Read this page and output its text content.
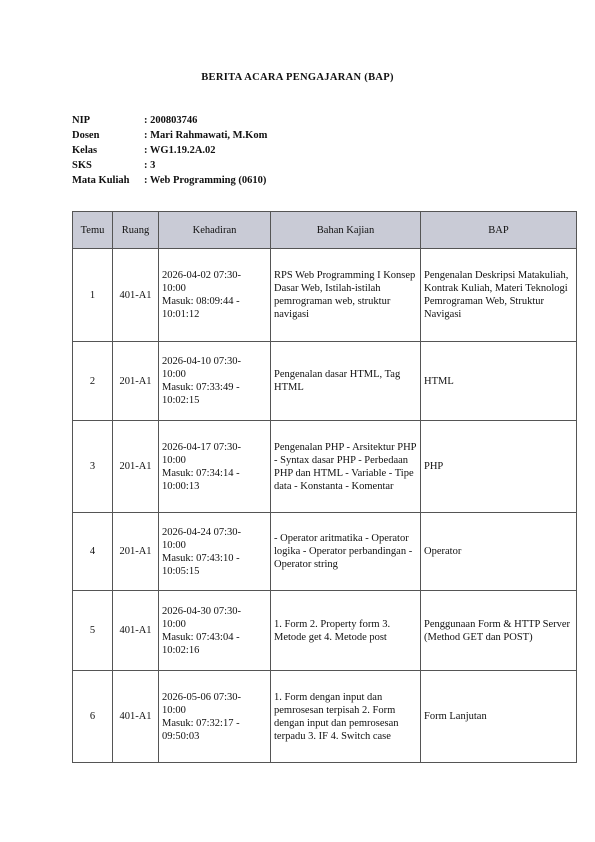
BERITA ACARA PENGAJARAN (BAP)
NIP	: 200803746
Dosen	: Mari Rahmawati, M.Kom
Kelas	: WG1.19.2A.02
SKS	: 3
Mata Kuliah	: Web Programming (0610)
Temu	Ruang	Kehadiran	Bahan Kajian	BAP
1	401-A1	2026-04-02 07:30-
10:00
Masuk: 08:09:44 -
10:01:12	RPS Web Programming I Konsep Dasar Web, Istilah-istilah pemrograman web, struktur navigasi	Pengenalan Deskripsi Matakuliah, Kontrak Kuliah, Materi Teknologi Pemrograman Web, Struktur Navigasi
2	201-A1	2026-04-10 07:30-
10:00
Masuk: 07:33:49 -
10:02:15	Pengenalan dasar HTML, Tag HTML	HTML
3	201-A1	2026-04-17 07:30-
10:00
Masuk: 07:34:14 -
10:00:13	Pengenalan PHP - Arsitektur PHP - Syntax dasar PHP - Perbedaan PHP dan HTML - Variable - Tipe data - Konstanta - Komentar	PHP
4	201-A1	2026-04-24 07:30-
10:00
Masuk: 07:43:10 -
10:05:15	- Operator aritmatika - Operator logika - Operator perbandingan - Operator string	Operator
5	401-A1	2026-04-30 07:30-
10:00
Masuk: 07:43:04 -
10:02:16	1. Form 2. Property form 3. Metode get 4. Metode post	Penggunaan Form & HTTP Server (Method GET dan POST)
6	401-A1	2026-05-06 07:30-
10:00
Masuk: 07:32:17 -
09:50:03	1. Form dengan input dan pemrosesan terpisah 2. Form dengan input dan pemrosesan terpadu 3. IF 4. Switch case	Form Lanjutan
